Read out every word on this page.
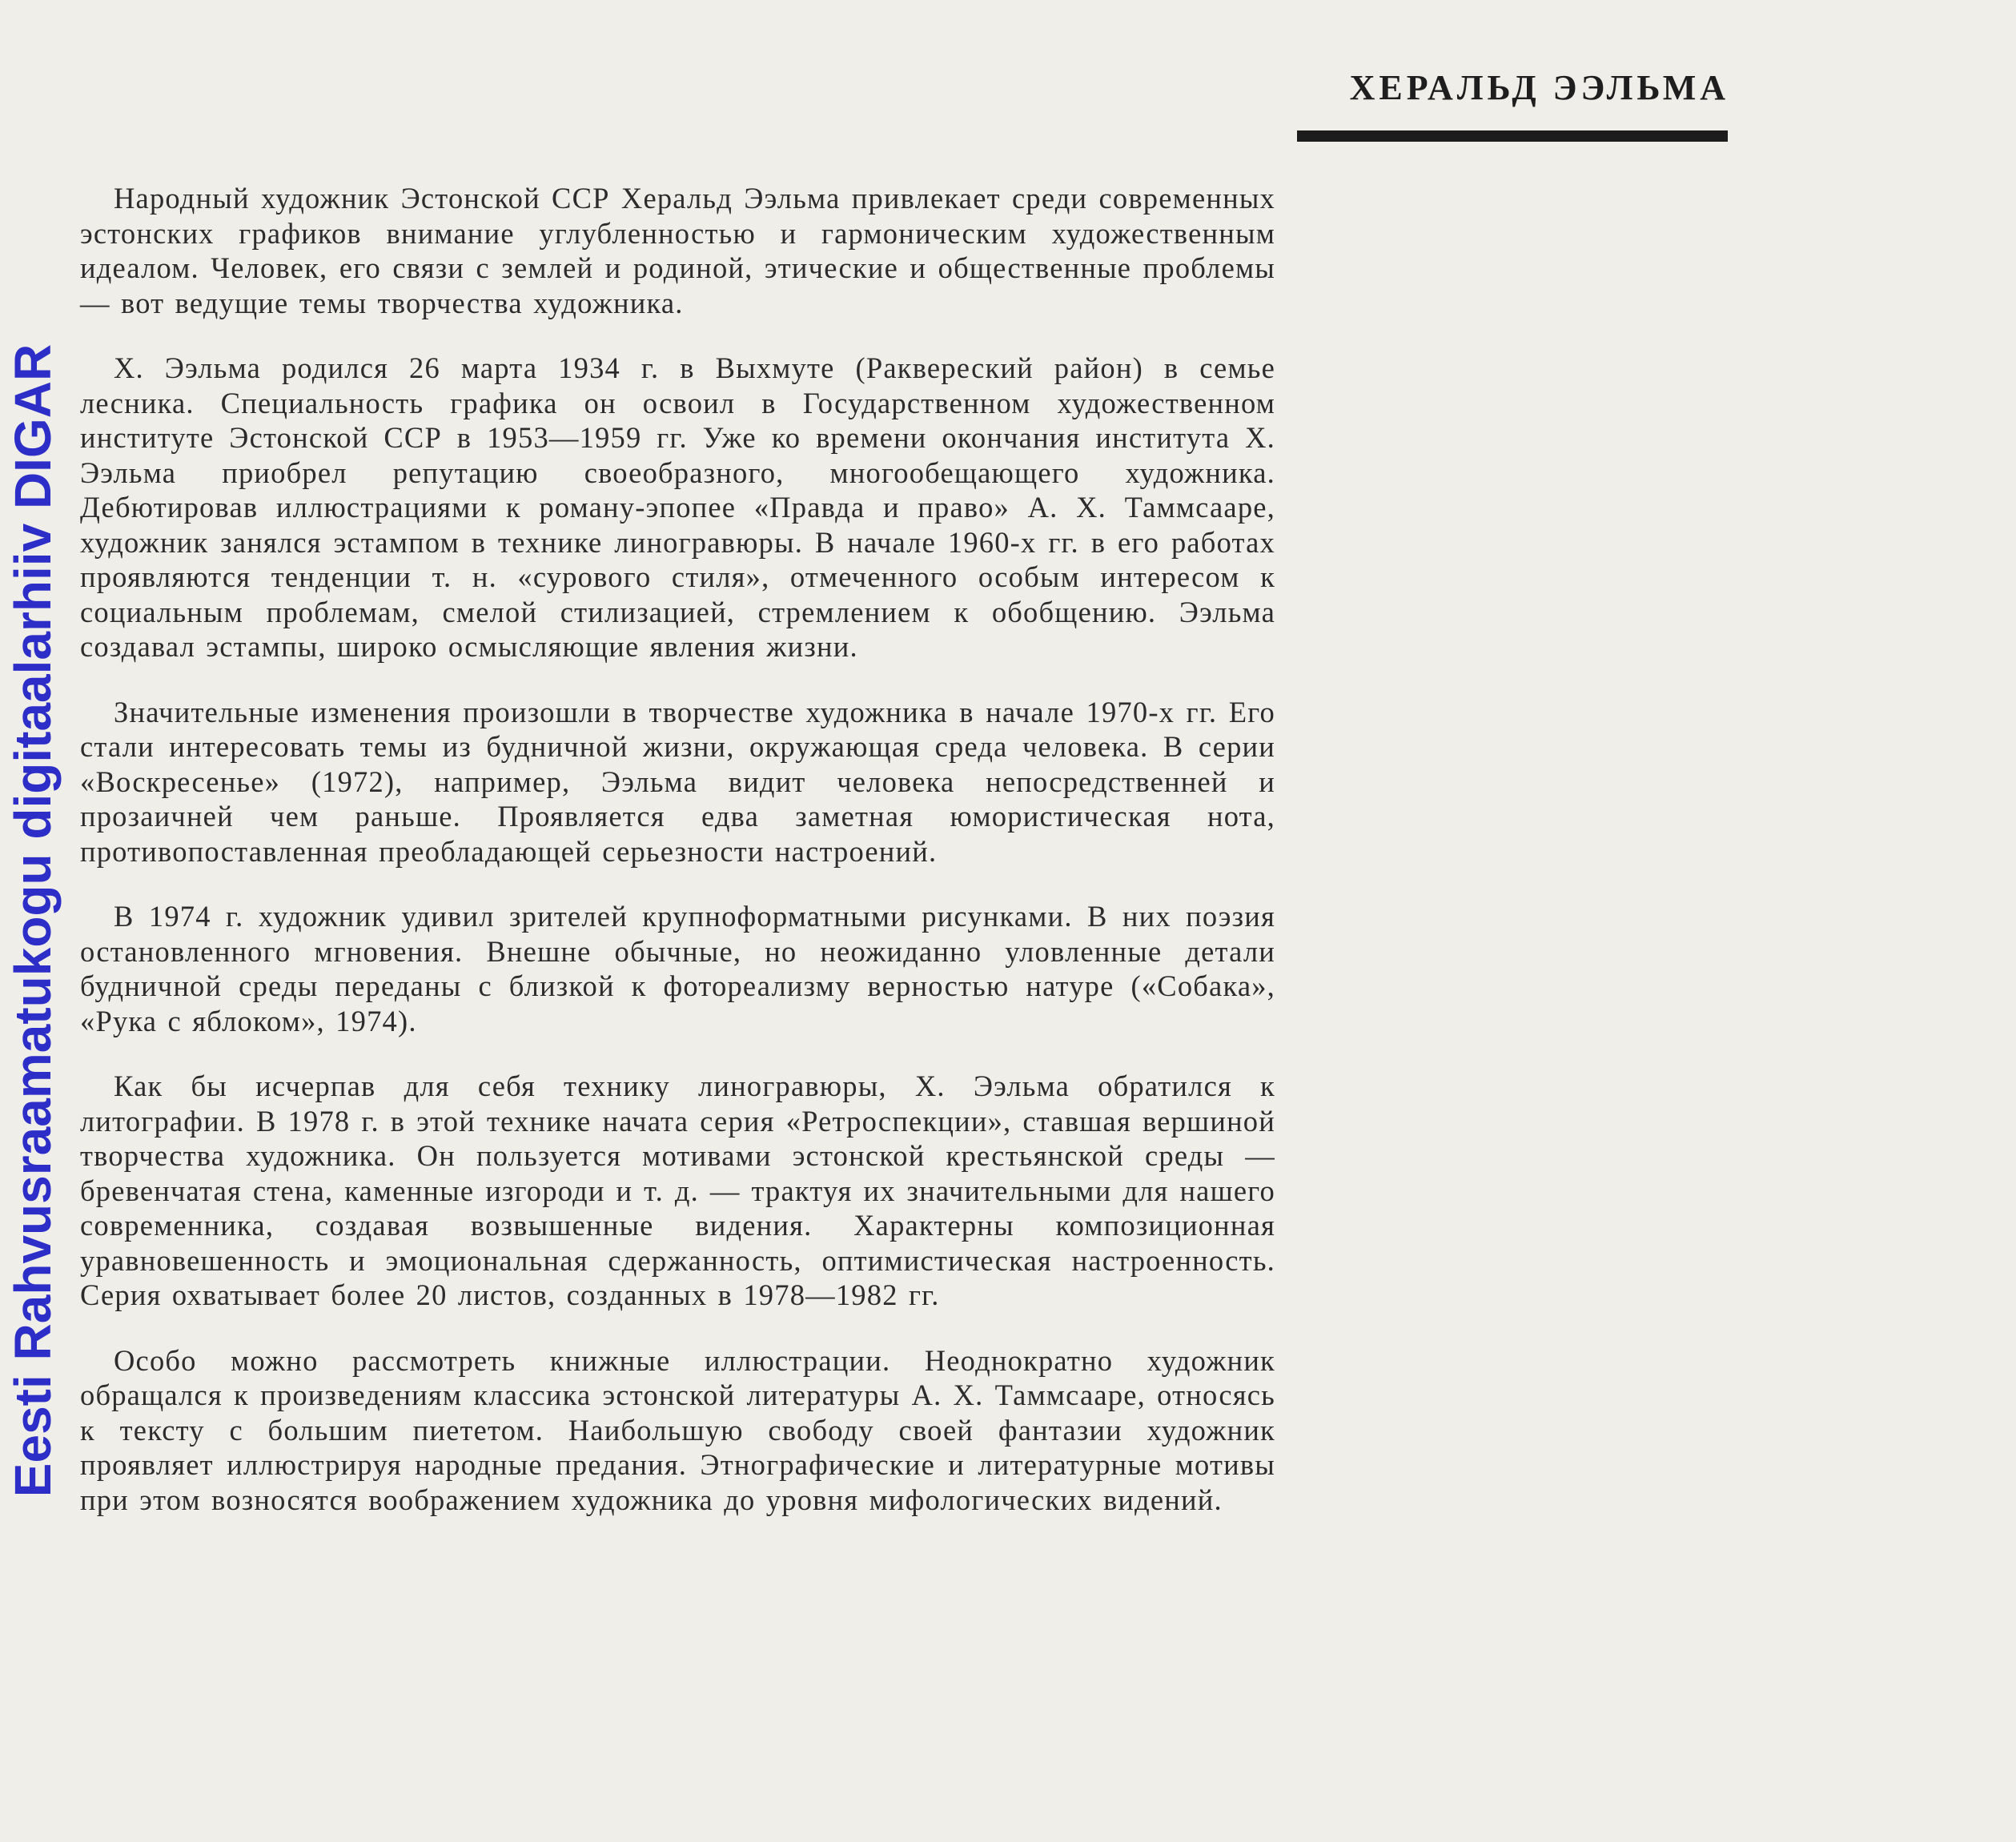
Eesti Rahvusraamatukogu digitaalarhiiv DIGAR
ХЕРАЛЬД ЭЭЛЬМА

Народный художник Эстонской ССР Херальд Ээльма привлекает среди современных эстонских графиков внимание углубленностью и гармоническим художественным идеалом. Человек, его связи с землей и родиной, этические и общественные проблемы — вот ведущие темы творчества художника.

Х. Ээльма родился 26 марта 1934 г. в Выхмуте (Раквереский район) в семье лесника. Специальность графика он освоил в Государственном художественном институте Эстонской ССР в 1953—1959 гг. Уже ко времени окончания института Х. Ээльма приобрел репутацию своеобразного, многообещающего художника. Дебютировав иллюстрациями к роману-эпопее «Правда и право» А. Х. Таммсааре, художник занялся эстампом в технике линогравюры. В начале 1960-х гг. в его работах проявляются тенденции т. н. «сурового стиля», отмеченного особым интересом к социальным проблемам, смелой стилизацией, стремлением к обобщению. Ээльма создавал эстампы, широко осмысляющие явления жизни.

Значительные изменения произошли в творчестве художника в начале 1970-х гг. Его стали интересовать темы из будничной жизни, окружающая среда человека. В серии «Воскресенье» (1972), например, Ээльма видит человека непосредственней и прозаичней чем раньше. Проявляется едва заметная юмористическая нота, противопоставленная преобладающей серьезности настроений.

В 1974 г. художник удивил зрителей крупноформатными рисунками. В них поэзия остановленного мгновения. Внешне обычные, но неожиданно уловленные детали будничной среды переданы с близкой к фотореализму верностью натуре («Собака», «Рука с яблоком», 1974).

Как бы исчерпав для себя технику линогравюры, Х. Ээльма обратился к литографии. В 1978 г. в этой технике начата серия «Ретроспекции», ставшая вершиной творчества художника. Он пользуется мотивами эстонской крестьянской среды — бревенчатая стена, каменные изгороди и т. д. — трактуя их значительными для нашего современника, создавая возвышенные видения. Характерны композиционная уравновешенность и эмоциональная сдержанность, оптимистическая настроенность. Серия охватывает более 20 листов, созданных в 1978—1982 гг.

Особо можно рассмотреть книжные иллюстрации. Неоднократно художник обращался к произведениям классика эстонской литературы А. Х. Таммсааре, относясь к тексту с большим пиететом. Наибольшую свободу своей фантазии художник проявляет иллюстрируя народные предания. Этнографические и литературные мотивы при этом возносятся воображением художника до уровня мифологических видений.
